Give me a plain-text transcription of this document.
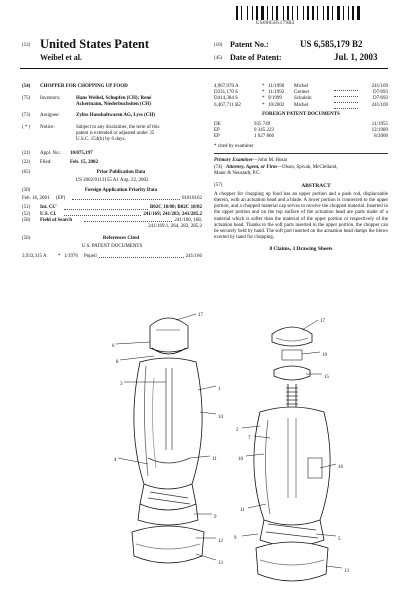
US006585179B2
(12) United States Patent
Weibel et al.
(10) Patent No.:	US 6,585,179 B2
(45) Date of Patent:	Jul. 1, 2003
(54)	CHOPPER FOR CHOPPING UP FOOD
(75)	Inventors:	Hans Weibel, Schupfen (CH); René
Ackermann, Niederbuchsiten (CH)
(73)	Assignee:	Zyliss Haushaltwaren AG, Lyss (CH)
( * )	Notice:	Subject to any disclaimer, the term of this
patent is extended or adjusted under 35
U.S.C. 154(b) by 0 days.
(21)	Appl. No.:	10/075,197
(22)	Filed:	Feb. 15, 2002
(65)	Prior Publication Data
US 2002/0113155 A1 Aug. 22, 2002
(30)	Foreign Application Priority Data
Feb. 16, 2001	(EP)	01810162
(51)	Int. Cl.⁷	B02C 18/00; B02C 18/02
(52)	U.S. Cl.	241/169; 241/283; 241/285.2
(58)	Field of Search	241/100, 168,
241/169.1, 264, 283, 285.2
(56)	References Cited
U.S. PATENT DOCUMENTS
3,933,315 A	* 1/1976	Popeil	241/166
4,967,970 A	*	11/1990	Michel		241/169
D331,170 S	*	11/1992	Greiner		D7/693
D414,384 S	*	9/1999	Schulein		D7/693
6,467,711 B2	*	10/2002	Michel		241/169
FOREIGN PATENT DOCUMENTS
DE	935 749	11/1955
EP	0 345 223	12/1989
EP	1 027 866	8/2000
* cited by examiner
Primary Examiner—John M. Husar
(74) Attorney, Agent, or Firm —Olson, Spivak, McClelland,
Maier & Neustadt, P.C.
(57)	ABSTRACT
A chopper for chopping up food has an upper portion and a push rod, displaceable therein, with an actuation head and a blade. A lower portion is connected to the upper portion, and a chopped material cap serves to receive the chopped material. Inserted in the upper portion and on the top surface of the actuation head are parts made of a material which is softer than the material of the upper portion or respectively of the actuation head. Thanks to the soft parts inserted in the upper portion, the chopper can be securely held by hand. The soft part inserted on the actuation head damps the blows exerted by hand for chopping.
8 Claims, 3 Drawing Sheets
17
6
8
3
1
14
4	11
9
12
13
17
19
15
2
7
16
10
11
5
9
13
